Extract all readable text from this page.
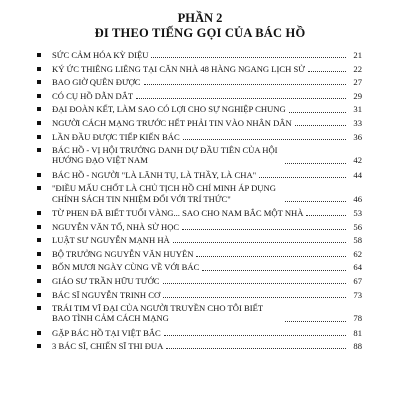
PHẦN 2
ĐI THEO TIẾNG GỌI CỦA BÁC HỒ
SỨC CẢM HÓA KỲ DIỆU	21
KÝ ỨC THIÊNG LIÊNG TẠI CĂN NHÀ 48 HÀNG NGANG LỊCH SỬ	22
BAO GIỜ QUÊN ĐƯỢC	27
CÓ CỤ HỒ DẪN DẮT	29
ĐẠI ĐOÀN KẾT, LÀM SAO CÓ LỢI CHO SỰ NGHIỆP CHUNG	31
NGƯỜI CÁCH MẠNG TRƯỚC HẾT PHẢI TIN VÀO NHÂN DÂN	33
LẦN ĐẦU ĐƯỢC TIẾP KIẾN BÁC	36
BÁC HỒ - VỊ HỘI TRƯỞNG DANH DỰ ĐẦU TIÊN CỦA HỘI HƯỚNG ĐẠO VIỆT NAM	42
BÁC HỒ - NGƯỜI "LÀ LÃNH TỤ, LÀ THẦY, LÀ CHA"	44
"ĐIỀU MẤU CHỐT LÀ CHỦ TỊCH HỒ CHÍ MINH ÁP DỤNG CHÍNH SÁCH TIN NHIỆM ĐỐI VỚI TRÍ THỨC"	46
TỪ PHEN ĐÃ BIẾT TUỔI VÀNG... SAO CHO NAM BẮC MỘT NHÀ	53
NGUYỄN VĂN TỐ, NHÀ SỬ HỌC	56
LUẬT SƯ NGUYỄN MẠNH HÀ	58
BỘ TRƯỞNG NGUYỄN VĂN HUYÊN	62
BỐN MƯƠI NGÀY CÙNG VỀ VỚI BÁC	64
GIÁO SƯ TRẦN HỮU TƯỚC	67
BÁC SĨ NGUYỄN TRINH CƠ	73
TRÁI TIM VĨ ĐẠI CỦA NGƯỜI TRUYỀN CHO TÔI BIẾT BAO TÌNH CẢM CÁCH MẠNG	78
GẶP BÁC HỒ TẠI VIỆT BẮC	81
3 BÁC SĨ, CHIẾN SĨ THI ĐUA	88
